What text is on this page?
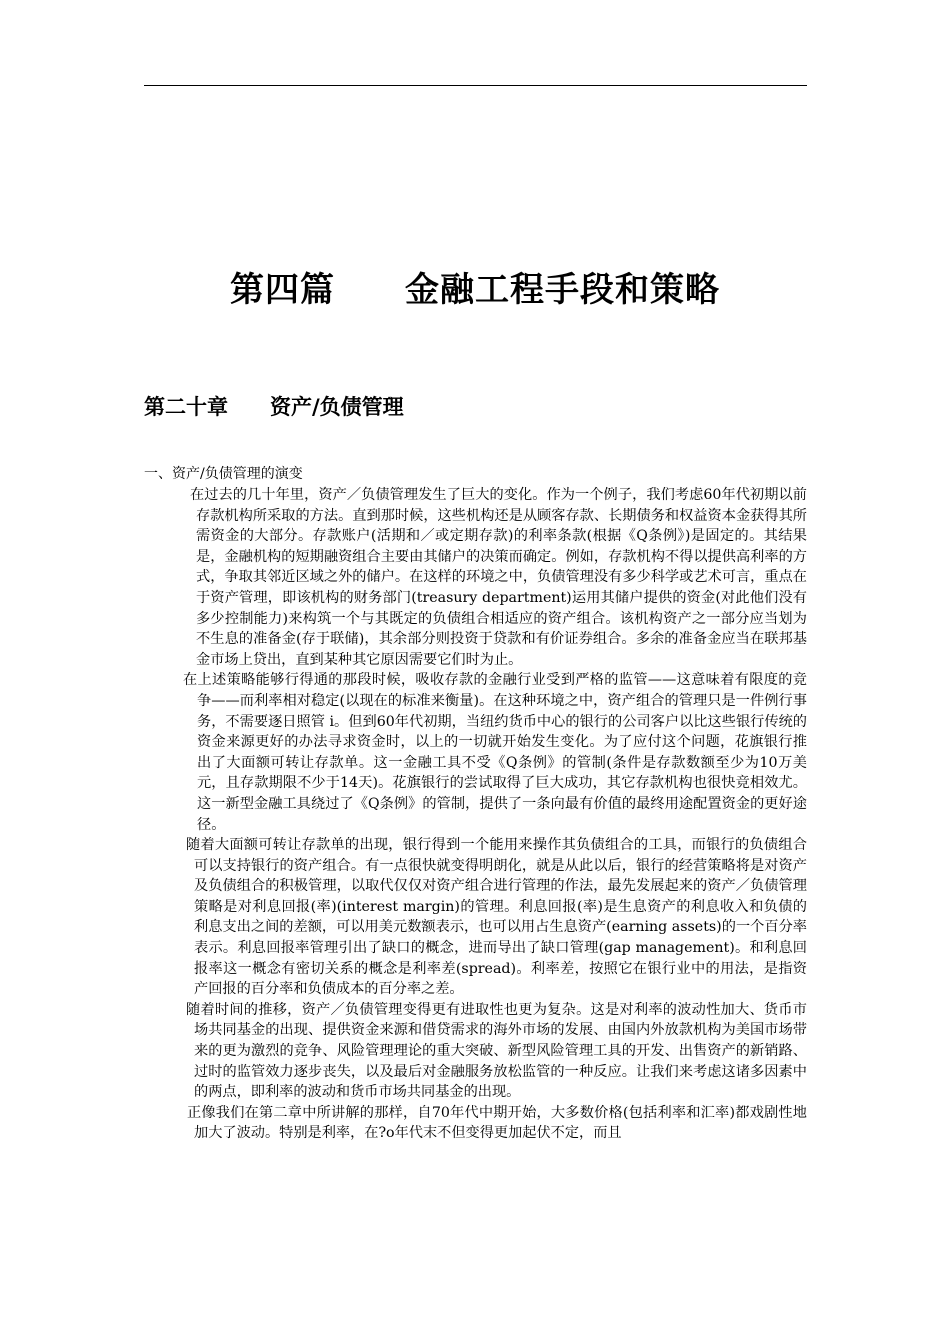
第四篇　　金融工程手段和策略
第二十章　　资产/负债管理
一、资产/负债管理的演变

在过去的几十年里，资产／负债管理发生了巨大的变化。作为一个例子，我们考虑60年代初期以前存款机构所采取的方法。直到那时候，这些机构还是从顾客存款、长期债务和权益资本金获得其所需资金的大部分。存款账户(活期和／或定期存款)的利率条款(根据《Q条例》)是固定的。其结果是，金融机构的短期融资组合主要由其储户的决策而确定。例如，存款机构不得以提供高利率的方式，争取其邻近区域之外的储户。在这样的环境之中，负债管理没有多少科学或艺术可言，重点在于资产管理，即该机构的财务部门(treasury department)运用其储户提供的资金(对此他们没有多少控制能力)来构筑一个与其既定的负债组合相适应的资产组合。该机构资产之一部分应当划为不生息的准备金(存于联储)，其余部分则投资于贷款和有价证券组合。多余的准备金应当在联邦基金市场上贷出，直到某种其它原因需要它们时为止。

在上述策略能够行得通的那段时候，吸收存款的金融行业受到严格的监管——这意味着有限度的竞争——而利率相对稳定(以现在的标准来衡量)。在这种环境之中，资产组合的管理只是一件例行事务，不需要逐日照管 i。但到60年代初期，当纽约货币中心的银行的公司客户以比这些银行传统的资金来源更好的办法寻求资金时，以上的一切就开始发生变化。为了应付这个问题，花旗银行推出了大面额可转让存款单。这一金融工具不受《Q条例》的管制(条件是存款数额至少为10万美元，且存款期限不少于14天)。花旗银行的尝试取得了巨大成功，其它存款机构也很快竞相效尤。这一新型金融工具绕过了《Q条例》的管制，提供了一条向最有价值的最终用途配置资金的更好途径。

随着大面额可转让存款单的出现，银行得到一个能用来操作其负债组合的工具，而银行的负债组合可以支持银行的资产组合。有一点很快就变得明朗化，就是从此以后，银行的经营策略将是对资产及负债组合的积极管理，以取代仅仅对资产组合进行管理的作法，最先发展起来的资产／负债管理策略是对利息回报(率)(interest margin)的管理。利息回报(率)是生息资产的利息收入和负债的利息支出之间的差额，可以用美元数额表示，也可以用占生息资产(earning assets)的一个百分率表示。利息回报率管理引出了缺口的概念，进而导出了缺口管理(gap management)。和利息回报率这一概念有密切关系的概念是利率差(spread)。利率差，按照它在银行业中的用法，是指资产回报的百分率和负债成本的百分率之差。

随着时间的推移，资产／负债管理变得更有进取性也更为复杂。这是对利率的波动性加大、货币市场共同基金的出现、提供资金来源和借贷需求的海外市场的发展、由国内外放款机构为美国市场带来的更为激烈的竞争、风险管理理论的重大突破、新型风险管理工具的开发、出售资产的新销路、过时的监管效力逐步丧失，以及最后对金融服务放松监管的一种反应。让我们来考虑这诸多因素中的两点，即利率的波动和货币市场共同基金的出现。

正像我们在第二章中所讲解的那样，自70年代中期开始，大多数价格(包括利率和汇率)都戏剧性地加大了波动。特别是利率，在?o年代末不但变得更加起伏不定，而且
